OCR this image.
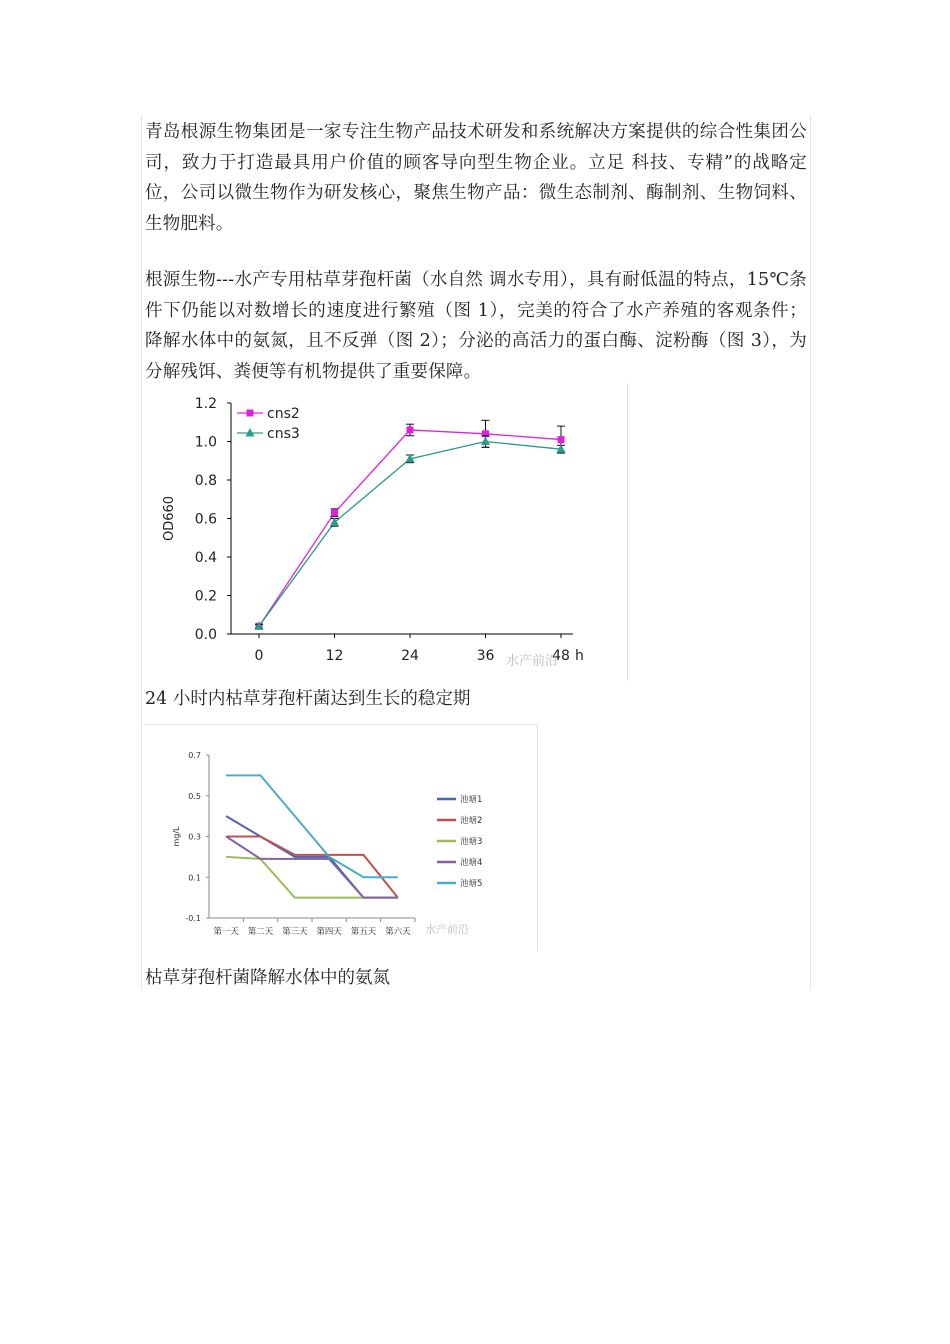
青岛根源生物集团是一家专注生物产品技术研发和系统解决方案提供的综合性集团公司，致力于打造最具用户价值的顾客导向型生物企业。立足 科技、专精”的战略定位，公司以微生物作为研发核心，聚焦生物产品：微生态制剂、酶制剂、生物饲料、生物肥料。

根源生物---水产专用枯草芽孢杆菌（水自然 调水专用），具有耐低温的特点，15℃条件下仍能以对数增长的速度进行繁殖（图 1），完美的符合了水产养殖的客观条件；降解水体中的氨氮，且不反弹（图 2）；分泌的高活力的蛋白酶、淀粉酶（图 3），为分解残饵、粪便等有机物提供了重要保障。

0.0
0.2
0.4
0.6
0.8
1.0
1.2
0	12	24	36	48 h
OD660
cns2
cns3
水产前沿

24 小时内枯草芽孢杆菌达到生长的稳定期

-0.1
0.1
0.3
0.5
0.7
第一天 第二天 第三天 第四天 第五天 第六天
mg/L
池塘1
池塘2
池塘3
池塘4
池塘5
水产前沿

枯草芽孢杆菌降解水体中的氨氮
